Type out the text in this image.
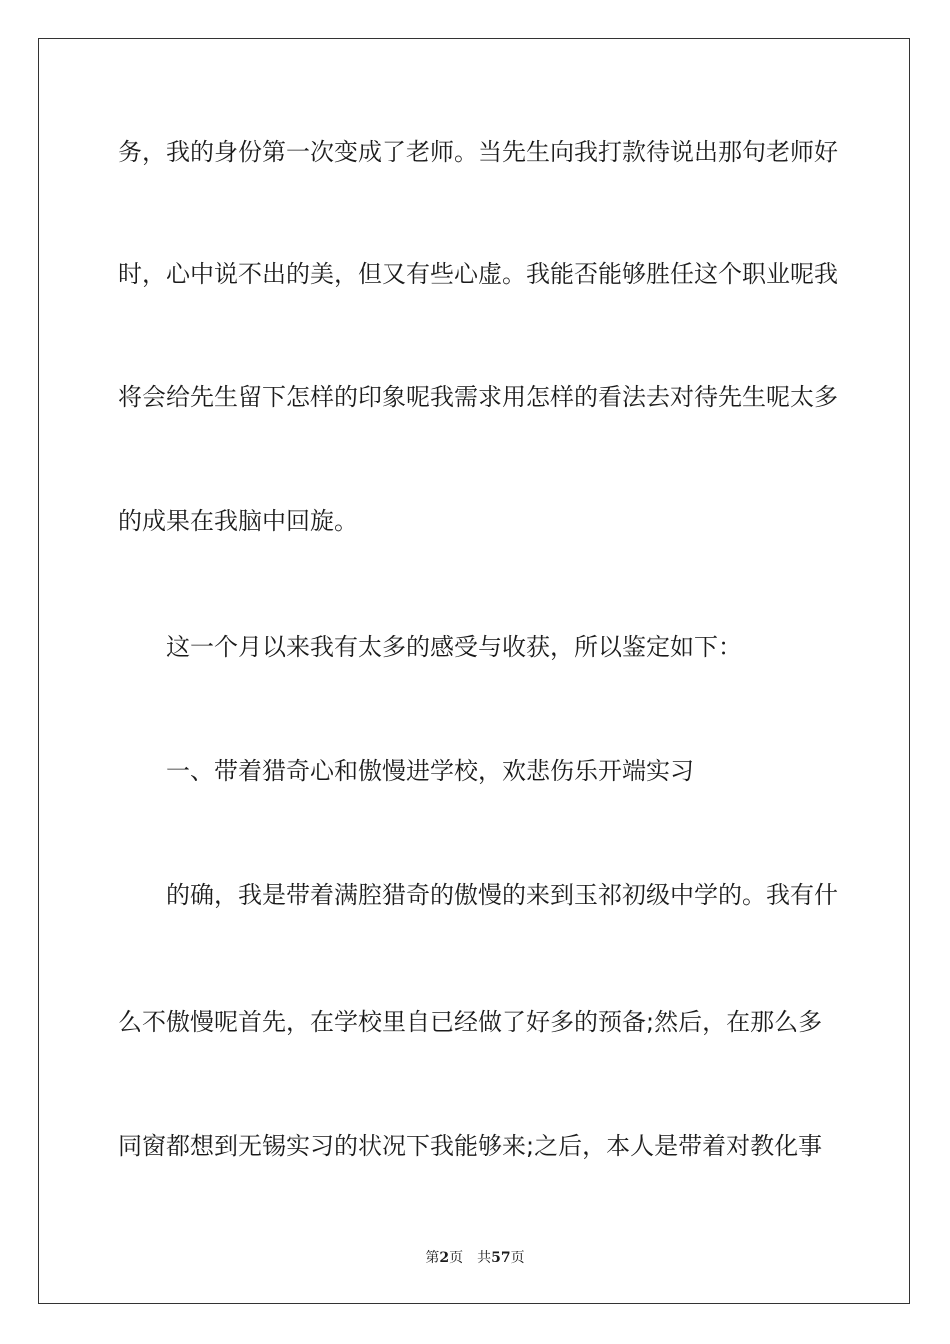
务，我的身份第一次变成了老师。当先生向我打款待说出那句老师好
时，心中说不出的美，但又有些心虚。我能否能够胜任这个职业呢我
将会给先生留下怎样的印象呢我需求用怎样的看法去对待先生呢太多
的成果在我脑中回旋。
这一个月以来我有太多的感受与收获，所以鉴定如下：
一、带着猎奇心和傲慢进学校，欢悲伤乐开端实习
的确，我是带着满腔猎奇的傲慢的来到玉祁初级中学的。我有什
么不傲慢呢首先，在学校里自已经做了好多的预备;然后，在那么多
同窗都想到无锡实习的状况下我能够来;之后，本人是带着对教化事
第2页 共57页
